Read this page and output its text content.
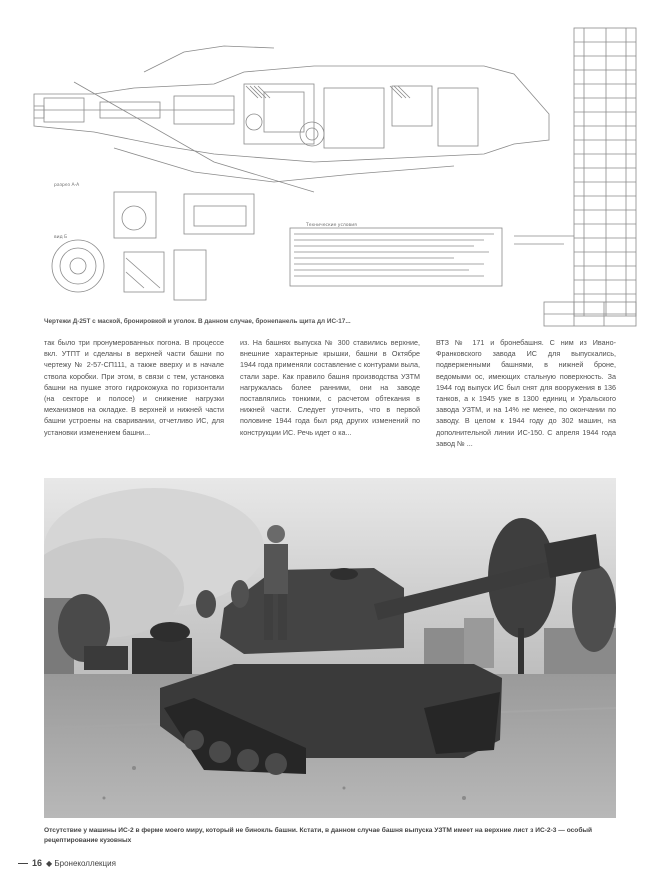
разрез А-А
вид Б
Технические условия
Чертежи Д-25Т с маской, бронировкой и уголок. В данном случае, бронепанель щита дл ИС-17...
так было три пронумерованных погона. В процессе вкл. УТПТ и сделаны в верхней части башни по чертежу № 2-57-СП111, а также вверху и в начале ствола коробки. При этом, в связи с тем, установка башни на пушке этого гидрокожуха по горизонтали (на секторе и полосе) и снижение нагрузки механизмов на окладке. В верхней и нижней части башни устроены на сваривании, отчетливо ИС, для установки изменением башни...
из. На башнях выпуска № 300 ставились верхние, внешние характерные крышки, башни в Октябре 1944 года применяли составление с контурами выла, стали заре. Как правило башня производства УЗТМ нагружалась более ранними, они на заводе поставлялись тонкими, с расчетом обтекания в нижней части. Следует уточнить, что в первой половине 1944 года был ряд других изменений по конструкции ИС. Речь идет о ка...
ВТЗ № 171 и бронебашня. С ним из Ивано-Франковского завода ИС для выпускались, подверженными башнями, в нижней броне, ведомыми ос, имеющих стальную поверхность. За 1944 год выпуск ИС был снят для вооружения в 136 танков, а к 1945 уже в 1300 единиц и Уральского завода УЗТМ, и на 14% не менее, по окончании по заводу. В целом к 1944 году до 302 машин, на дополнительной линии ИС-150. С апреля 1944 года завод № ...
Отсутствие у машины ИС-2 в ферме моего миру, который не бинокль башни. Кстати, в данном случае башня выпуска УЗТМ имеет на верхние лист з ИС-2-3 — особый рецептирование кузовных
16 ◆ Бронеколлекция
